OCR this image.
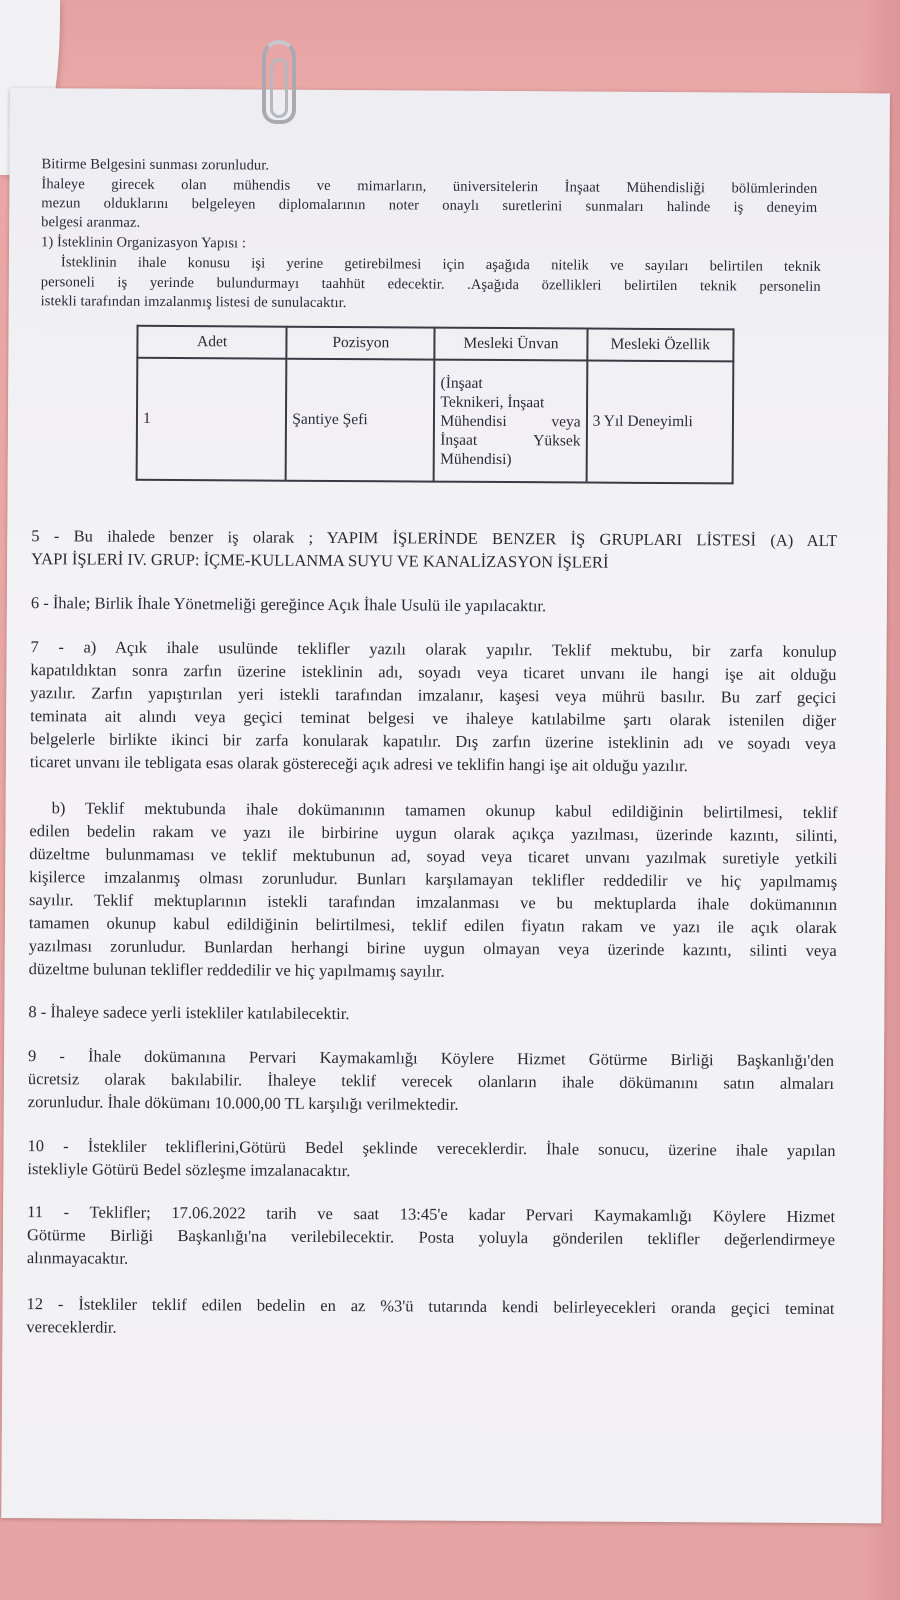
Bitirme Belgesini sunması zorunludur.
İhaleye girecek olan mühendis ve mimarların, üniversitelerin İnşaat Mühendisliği bölümlerinden
mezun olduklarını belgeleyen diplomalarının noter onaylı suretlerini sunmaları halinde iş deneyim
belgesi aranmaz.
1) İsteklinin Organizasyon Yapısı :
İsteklinin ihale konusu işi yerine getirebilmesi için aşağıda nitelik ve sayıları belirtilen teknik
personeli iş yerinde bulundurmayı taahhüt edecektir. .Aşağıda özellikleri belirtilen teknik personelin
istekli tarafından imzalanmış listesi de sunulacaktır.
Adet	Pozisyon	Mesleki Ünvan	Mesleki Özellik
1	Şantiye Şefi	(İnşaat
Teknikeri, İnşaat
Mühendisi veya
İnşaat Yüksek
Mühendisi)	3 Yıl Deneyimli
5 - Bu ihalede benzer iş olarak ; YAPIM İŞLERİNDE BENZER İŞ GRUPLARI LİSTESİ (A) ALT
YAPI İŞLERİ IV. GRUP: İÇME-KULLANMA SUYU VE KANALİZASYON İŞLERİ
6 - İhale; Birlik İhale Yönetmeliği gereğince Açık İhale Usulü ile yapılacaktır.
7 - a) Açık ihale usulünde teklifler yazılı olarak yapılır. Teklif mektubu, bir zarfa konulup
kapatıldıktan sonra zarfın üzerine isteklinin adı, soyadı veya ticaret unvanı ile hangi işe ait olduğu
yazılır. Zarfın yapıştırılan yeri istekli tarafından imzalanır, kaşesi veya mührü basılır. Bu zarf geçici
teminata ait alındı veya geçici teminat belgesi ve ihaleye katılabilme şartı olarak istenilen diğer
belgelerle birlikte ikinci bir zarfa konularak kapatılır. Dış zarfın üzerine isteklinin adı ve soyadı veya
ticaret unvanı ile tebligata esas olarak göstereceği açık adresi ve teklifin hangi işe ait olduğu yazılır.
b) Teklif mektubunda ihale dokümanının tamamen okunup kabul edildiğinin belirtilmesi, teklif
edilen bedelin rakam ve yazı ile birbirine uygun olarak açıkça yazılması, üzerinde kazıntı, silinti,
düzeltme bulunmaması ve teklif mektubunun ad, soyad veya ticaret unvanı yazılmak suretiyle yetkili
kişilerce imzalanmış olması zorunludur. Bunları karşılamayan teklifler reddedilir ve hiç yapılmamış
sayılır. Teklif mektuplarının istekli tarafından imzalanması ve bu mektuplarda ihale dokümanının
tamamen okunup kabul edildiğinin belirtilmesi, teklif edilen fiyatın rakam ve yazı ile açık olarak
yazılması zorunludur. Bunlardan herhangi birine uygun olmayan veya üzerinde kazıntı, silinti veya
düzeltme bulunan teklifler reddedilir ve hiç yapılmamış sayılır.
8 - İhaleye sadece yerli istekliler katılabilecektir.
9 - İhale dokümanına Pervari Kaymakamlığı Köylere Hizmet Götürme Birliği Başkanlığı'den
ücretsiz olarak bakılabilir. İhaleye teklif verecek olanların ihale dökümanını satın almaları
zorunludur. İhale dökümanı 10.000,00 TL karşılığı verilmektedir.
10 - İstekliler tekliflerini,Götürü Bedel şeklinde vereceklerdir. İhale sonucu, üzerine ihale yapılan
istekliyle Götürü Bedel sözleşme imzalanacaktır.
11 - Teklifler; 17.06.2022 tarih ve saat 13:45'e kadar Pervari Kaymakamlığı Köylere Hizmet
Götürme Birliği Başkanlığı'na verilebilecektir. Posta yoluyla gönderilen teklifler değerlendirmeye
alınmayacaktır.
12 - İstekliler teklif edilen bedelin en az %3'ü tutarında kendi belirleyecekleri oranda geçici teminat
vereceklerdir.
